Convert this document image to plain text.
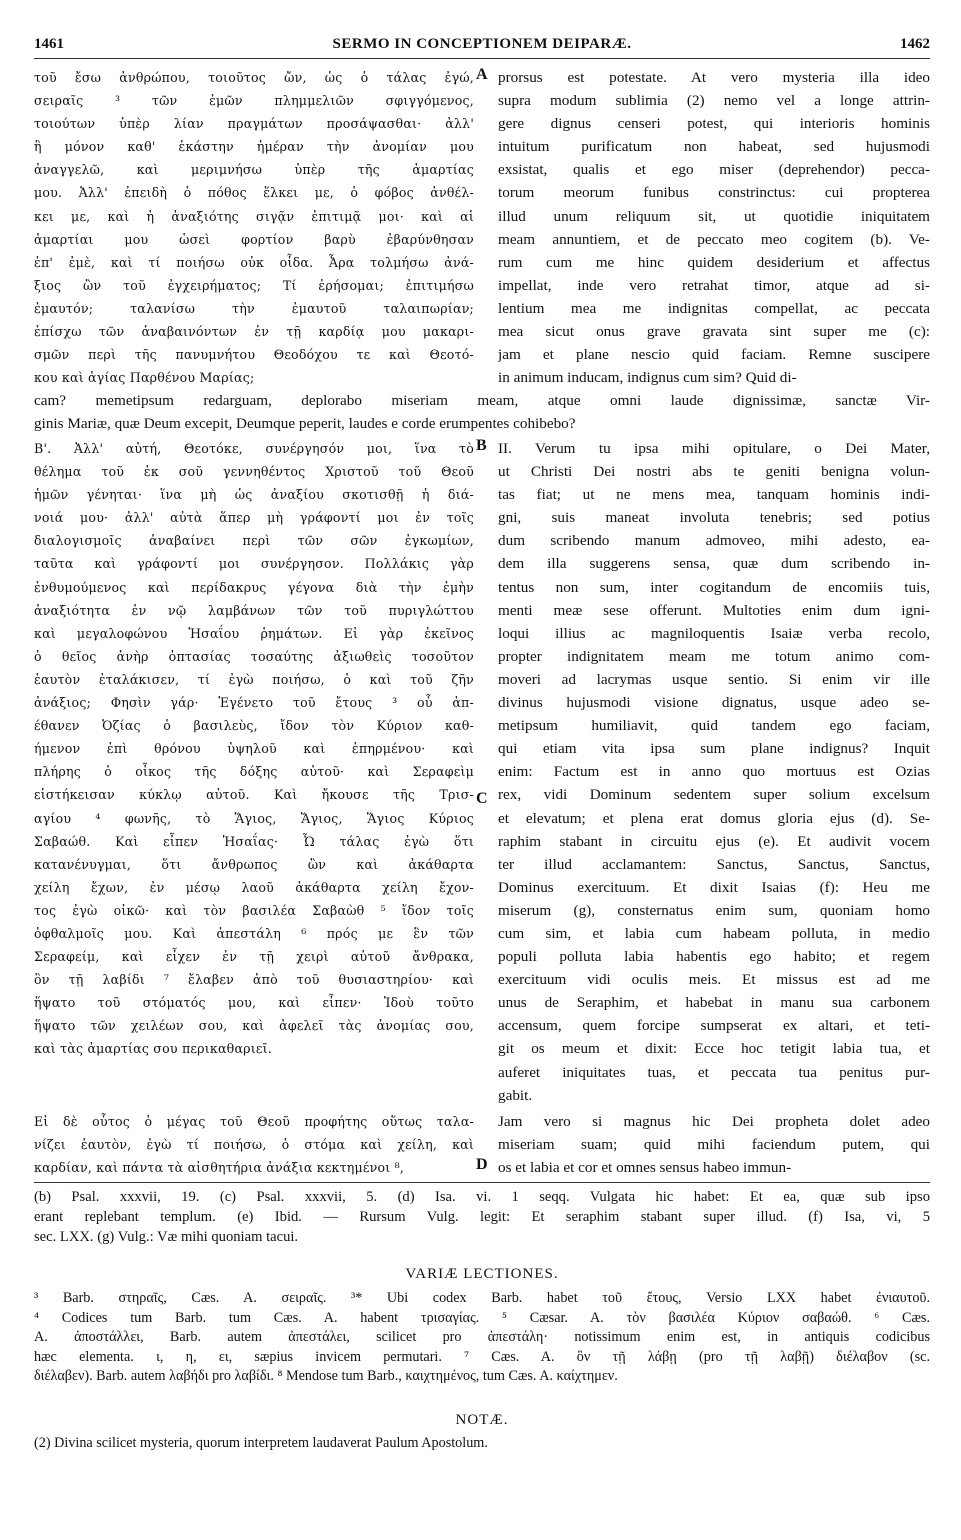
1461	SERMO IN CONCEPTIONEM DEIPARÆ.	1462
τοῦ ἔσω ἀνθρώπου, τοιοῦτος ὤν, ὡς ὁ τάλας ἐγώ,
σειραῖς ³ τῶν ἐμῶν πλημμελιῶν σφιγγόμενος,
τοιούτων ὑπὲρ λίαν πραγμάτων προσάψασθαι· ἀλλ'
ἢ μόνον καθ' ἑκάστην ἡμέραν τὴν ἀνομίαν μου
ἀναγγελῶ, καὶ μεριμνήσω ὑπὲρ τῆς ἁμαρτίας
μου. Ἀλλ' ἐπειδὴ ὁ πόθος ἕλκει με, ὁ φόβος ἀνθέλ-
κει με, καὶ ἡ ἀναξιότης σιγᾷν ἐπιτιμᾷ μοι· καὶ αἱ
ἁμαρτίαι μου ὡσεὶ φορτίον βαρὺ ἐβαρύνθησαν
ἐπ' ἐμὲ, καὶ τί ποιήσω οὐκ οἶδα. Ἆρα τολμήσω ἀνά-
ξιος ὢν τοῦ ἐγχειρήματος; Τί ἐρήσομαι; ἐπιτιμήσω
ἐμαυτόν; ταλανίσω τὴν ἐμαυτοῦ ταλαιπωρίαν;
ἐπίσχω τῶν ἀναβαινόντων ἐν τῇ καρδίᾳ μου μακαρι-
σμῶν περὶ τῆς πανυμνήτου Θεοδόχου τε καὶ Θεοτό-
κου καὶ ἁγίας Παρθένου Μαρίας;
prorsus est potestate. At vero mysteria illa ideo
supra modum sublimia (2) nemo vel a longe attrin-
gere dignus censeri potest, qui interioris hominis
intuitum purificatum non habeat, sed hujusmodi
exsistat, qualis et ego miser (deprehendor) pecca-
torum meorum funibus constrinctus: cui propterea
illud unum reliquum sit, ut quotidie iniquitatem
meam annuntiem, et de peccato meo cogitem (b). Ve-
rum cum me hinc quidem desiderium et affectus
impellat, inde vero retrahat timor, atque ad si-
lentium mea me indignitas compellat, ac peccata
mea sicut onus grave gravata sint super me (c):
jam et plane nescio quid faciam. Remne suscipere
in animum inducam, indignus cum sim? Quid di-
cam? memetipsum redarguam, deplorabo miseriam meam, atque omni laude dignissimæ, sanctæ Vir-
ginis Mariæ, quæ Deum excepit, Deumque peperit, laudes e corde erumpentes cohibebo?
Β'. Ἀλλ' αὐτή, Θεοτόκε, συνέργησόν μοι, ἵνα τὸ
θέλημα τοῦ ἐκ σοῦ γεννηθέντος Χριστοῦ τοῦ Θεοῦ
ἡμῶν γένηται· ἵνα μὴ ὡς ἀναξίου σκοτισθῇ ἡ διά-
νοιά μου· ἀλλ' αὐτὰ ἅπερ μὴ γράφοντί μοι ἐν τοῖς
διαλογισμοῖς ἀναβαίνει περὶ τῶν σῶν ἐγκωμίων,
ταῦτα καὶ γράφοντί μοι συνέργησον. Πολλάκις γὰρ
ἐνθυμούμενος καὶ περίδακρυς γέγονα διὰ τὴν ἐμὴν
ἀναξιότητα ἐν νῷ λαμβάνων τῶν τοῦ πυριγλώττου
καὶ μεγαλοφώνου Ἡσαΐου ῥημάτων. Εἰ γὰρ ἐκεῖνος
ὁ θεῖος ἀνὴρ ὀπτασίας τοσαύτης ἀξιωθεὶς τοσοῦτον
ἑαυτὸν ἐταλάκισεν, τί ἐγὼ ποιήσω, ὁ καὶ τοῦ ζῆν
ἀνάξιος; Φησὶν γάρ· Ἐγένετο τοῦ ἔτους ³ οὗ ἀπ-
έθανεν Ὀζίας ὁ βασιλεὺς, ἴδον τὸν Κύριον καθ-
ήμενον ἐπὶ θρόνου ὑψηλοῦ καὶ ἐπηρμένου· καὶ
πλήρης ὁ οἶκος τῆς δόξης αὐτοῦ· καὶ Σεραφεὶμ
εἱστήκεισαν κύκλῳ αὐτοῦ. Καὶ ἤκουσε τῆς Τρισ-
αγίου ⁴ φωνῆς, τὸ Ἅγιος, Ἅγιος, Ἅγιος Κύριος
Σαβαώθ. Καὶ εἶπεν Ἡσαΐας· Ὦ τάλας ἐγὼ ὅτι
κατανένυγμαι, ὅτι ἄνθρωπος ὢν καὶ ἀκάθαρτα
χείλη ἔχων, ἐν μέσῳ λαοῦ ἀκάθαρτα χείλη ἔχον-
τος ἐγὼ οἰκῶ· καὶ τὸν βασιλέα Σαβαὼθ ⁵ ἴδον τοῖς
ὀφθαλμοῖς μου. Καὶ ἀπεστάλη ⁶ πρός με ἓν τῶν
Σεραφείμ, καὶ εἶχεν ἐν τῇ χειρὶ αὐτοῦ ἄνθρακα,
ὃν τῇ λαβίδι ⁷ ἔλαβεν ἀπὸ τοῦ θυσιαστηρίου· καὶ
ἥψατο τοῦ στόματός μου, καὶ εἶπεν· Ἰδοὺ τοῦτο
ἥψατο τῶν χειλέων σου, καὶ ἀφελεῖ τὰς ἀνομίας σου,
καὶ τὰς ἁμαρτίας σου περικαθαριεῖ.
II. Verum tu ipsa mihi opitulare, o Dei Mater,
ut Christi Dei nostri abs te geniti benigna volun-
tas fiat; ut ne mens mea, tanquam hominis indi-
gni, suis maneat involuta tenebris; sed potius
dum scribendo manum admoveo, mihi adesto, ea-
dem illa suggerens sensa, quæ dum scribendo in-
tentus non sum, inter cogitandum de encomiis tuis,
menti meæ sese offerunt. Multoties enim dum igni-
loqui illius ac magniloquentis Isaiæ verba recolo,
propter indignitatem meam me totum animo com-
moveri ad lacrymas usque sentio. Si enim vir ille
divinus hujusmodi visione dignatus, usque adeo se-
metipsum humiliavit, quid tandem ego faciam,
qui etiam vita ipsa sum plane indignus? Inquit
enim: Factum est in anno quo mortuus est Ozias
rex, vidi Dominum sedentem super solium excelsum
et elevatum; et plena erat domus gloria ejus (d). Se-
raphim stabant in circuitu ejus (e). Et audivit vocem
ter illud acclamantem: Sanctus, Sanctus, Sanctus,
Dominus exercituum. Et dixit Isaias (f): Heu me
miserum (g), consternatus enim sum, quoniam homo
cum sim, et labia cum habeam polluta, in medio
populi polluta labia habentis ego habito; et regem
exercituum vidi oculis meis. Et missus est ad me
unus de Seraphim, et habebat in manu sua carbonem
accensum, quem forcipe sumpserat ex altari, et teti-
git os meum et dixit: Ecce hoc tetigit labia tua, et
auferet iniquitates tuas, et peccata tua penitus pur-
gabit.
Εἰ δὲ οὗτος ὁ μέγας τοῦ Θεοῦ προφήτης οὕτως ταλα-
νίζει ἑαυτὸν, ἐγὼ τί ποιήσω, ὁ στόμα καὶ χείλη, καὶ
καρδίαν, καὶ πάντα τὰ αἰσθητήρια ἀνάξια κεκτημένοι ⁸,
Jam vero si magnus hic Dei propheta dolet adeo
miseriam suam; quid mihi faciendum putem, qui
os et labia et cor et omnes sensus habeo immun-
A
B
C
D
(b) Psal. xxxvii, 19. (c) Psal. xxxvii, 5. (d) Isa. vi. 1 seqq. Vulgata hic habet: Et ea, quæ sub ipso
erant replebant templum. (e) Ibid. — Rursum Vulg. legit: Et seraphim stabant super illud. (f) Isa, vi, 5
sec. LXX. (g) Vulg.: Væ mihi quoniam tacui.
VARIÆ LECTIONES.
³ Barb. στηραῖς, Cæs. A. σειραῖς. ³* Ubi codex Barb. habet τοῦ ἔτους, Versio LXX habet ἐνιαυτοῦ.
⁴ Codices tum Barb. tum Cæs. A. habent τρισαγίας. ⁵ Cæsar. A. τὸν βασιλέα Κύριον σαβαώθ. ⁶ Cæs.
A. ἀποστάλλει, Barb. autem ἀπεστάλει, scilicet pro ἀπεστάλη· notissimum enim est, in antiquis codicibus
hæc elementa. ι, η, ει, sæpius invicem permutari. ⁷ Cæs. A. ὃν τῇ λάβῃ (pro τῇ λαβῇ) διέλαβον (sc.
διέλαβεν). Barb. autem λαβήδι pro λαβίδι. ⁸ Mendose tum Barb., καιχτημένος, tum Cæs. A. καίχτημεν.
NOTÆ.
(2) Divina scilicet mysteria, quorum interpretem laudaverat Paulum Apostolum.
